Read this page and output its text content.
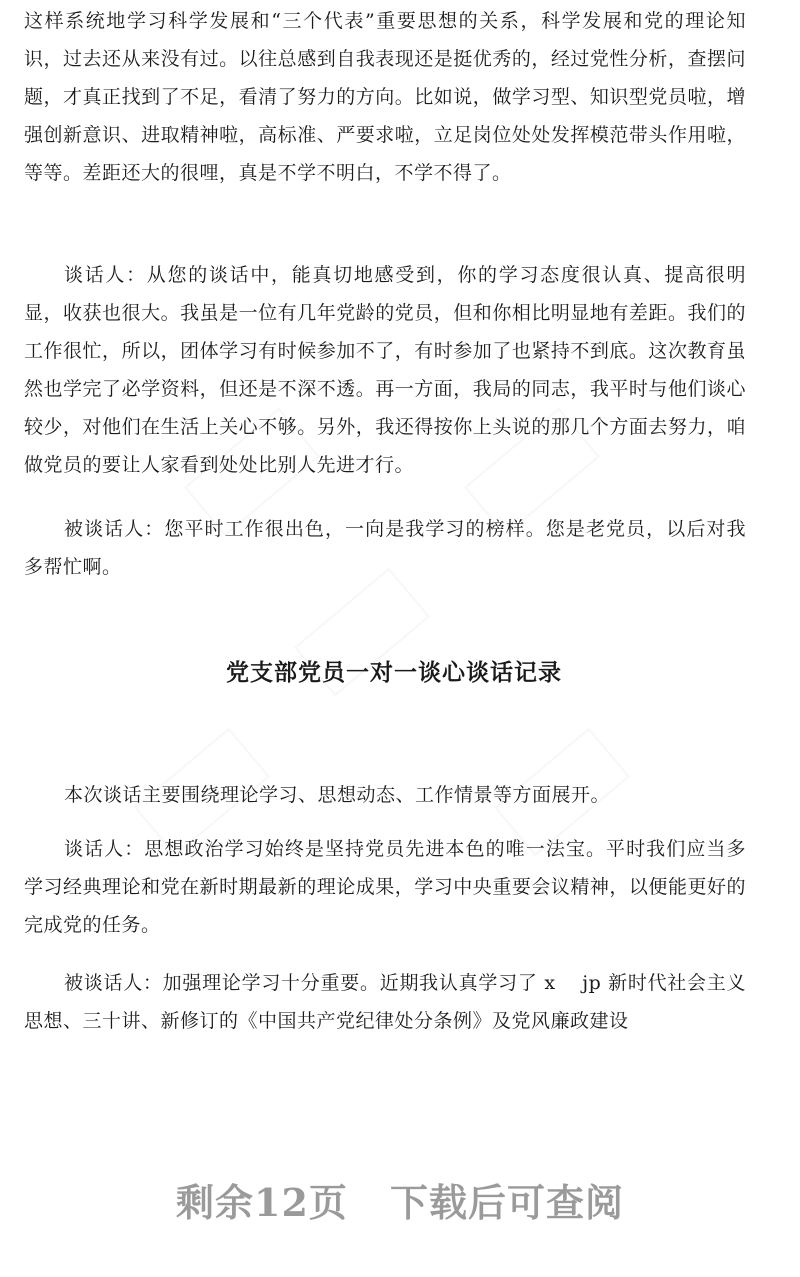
这样系统地学习科学发展和“三个代表”重要思想的关系，科学发展和党的理论知识，过去还从来没有过。以往总感到自我表现还是挺优秀的，经过党性分析，查摆问题，才真正找到了不足，看清了努力的方向。比如说，做学习型、知识型党员啦，增强创新意识、进取精神啦，高标准、严要求啦，立足岗位处处发挥模范带头作用啦，等等。差距还大的很哩，真是不学不明白，不学不得了。

谈话人：从您的谈话中，能真切地感受到，你的学习态度很认真、提高很明显，收获也很大。我虽是一位有几年党龄的党员，但和你相比明显地有差距。我们的工作很忙，所以，团体学习有时候参加不了，有时参加了也紧持不到底。这次教育虽然也学完了必学资料，但还是不深不透。再一方面，我局的同志，我平时与他们谈心较少，对他们在生活上关心不够。另外，我还得按你上头说的那几个方面去努力，咱做党员的要让人家看到处处比别人先进才行。

被谈话人：您平时工作很出色，一向是我学习的榜样。您是老党员，以后对我多帮忙啊。

党支部党员一对一谈心谈话记录

本次谈话主要围绕理论学习、思想动态、工作情景等方面展开。

谈话人：思想政治学习始终是坚持党员先进本色的唯一法宝。平时我们应当多学习经典理论和党在新时期最新的理论成果，学习中央重要会议精神，以便能更好的完成党的任务。

被谈话人：加强理论学习十分重要。近期我认真学习了 x　 jp 新时代社会主义思想、三十讲、新修订的《中国共产党纪律处分条例》及党风廉政建设

剩余12页 下载后可查阅
